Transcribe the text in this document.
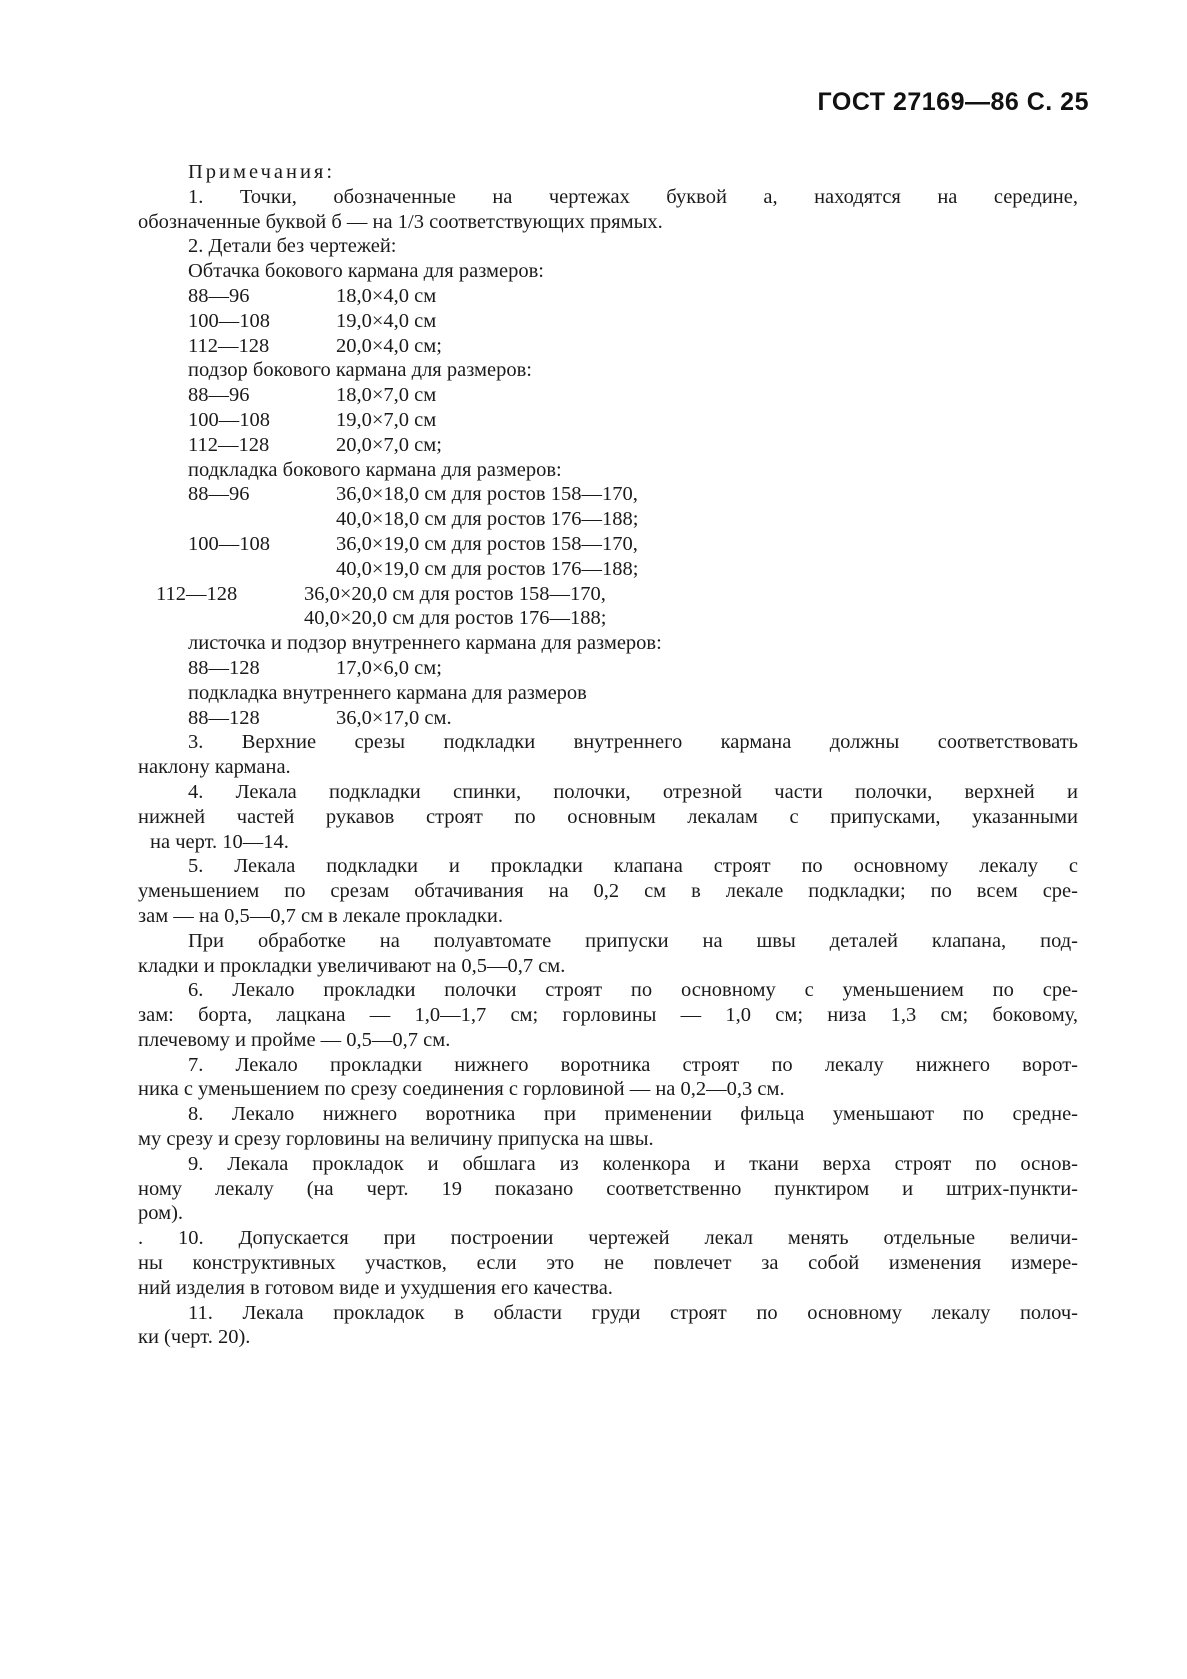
ГОСТ 27169—86 С. 25
Примечания:
1. Точки, обозначенные на чертежах буквой а, находятся на середине,
обозначенные буквой б — на 1/3 соответствующих прямых.
2. Детали без чертежей:
Обтачка бокового кармана для размеров:
88—96	18,0×4,0 см
100—108	19,0×4,0 см
112—128	20,0×4,0 см;
подзор бокового кармана для размеров:
88—96	18,0×7,0 см
100—108	19,0×7,0 см
112—128	20,0×7,0 см;
подкладка бокового кармана для размеров:
88—96	36,0×18,0 см для ростов 158—170,
40,0×18,0 см для ростов 176—188;
100—108	36,0×19,0 см для ростов 158—170,
40,0×19,0 см для ростов 176—188;
112—128	36,0×20,0 см для ростов 158—170,
40,0×20,0 см для ростов 176—188;
листочка и подзор внутреннего кармана для размеров:
88—128	17,0×6,0 см;
подкладка внутреннего кармана для размеров
88—128	36,0×17,0 см.
3. Верхние срезы подкладки внутреннего кармана должны соответствовать
наклону кармана.
4. Лекала подкладки спинки, полочки, отрезной части полочки, верхней и
нижней частей рукавов строят по основным лекалам с припусками, указанными
на черт. 10—14.
5. Лекала подкладки и прокладки клапана строят по основному лекалу с
уменьшением по срезам обтачивания на 0,2 см в лекале подкладки; по всем сре-
зам — на 0,5—0,7 см в лекале прокладки.
При обработке на полуавтомате припуски на швы деталей клапана, под-
кладки и прокладки увеличивают на 0,5—0,7 см.
6. Лекало прокладки полочки строят по основному с уменьшением по сре-
зам: борта, лацкана — 1,0—1,7 см; горловины — 1,0 см; низа 1,3 см; боковому,
плечевому и пройме — 0,5—0,7 см.
7. Лекало прокладки нижнего воротника строят по лекалу нижнего ворот-
ника с уменьшением по срезу соединения с горловиной — на 0,2—0,3 см.
8. Лекало нижнего воротника при применении фильца уменьшают по средне-
му срезу и срезу горловины на величину припуска на швы.
9. Лекала прокладок и обшлага из коленкора и ткани верха строят по основ-
ному лекалу (на черт. 19 показано соответственно пунктиром и штрих-пункти-
ром).
. 10. Допускается при построении чертежей лекал менять отдельные величи-
ны конструктивных участков, если это не повлечет за собой изменения измере-
ний изделия в готовом виде и ухудшения его качества.
11. Лекала прокладок в области груди строят по основному лекалу полоч-
ки (черт. 20).
